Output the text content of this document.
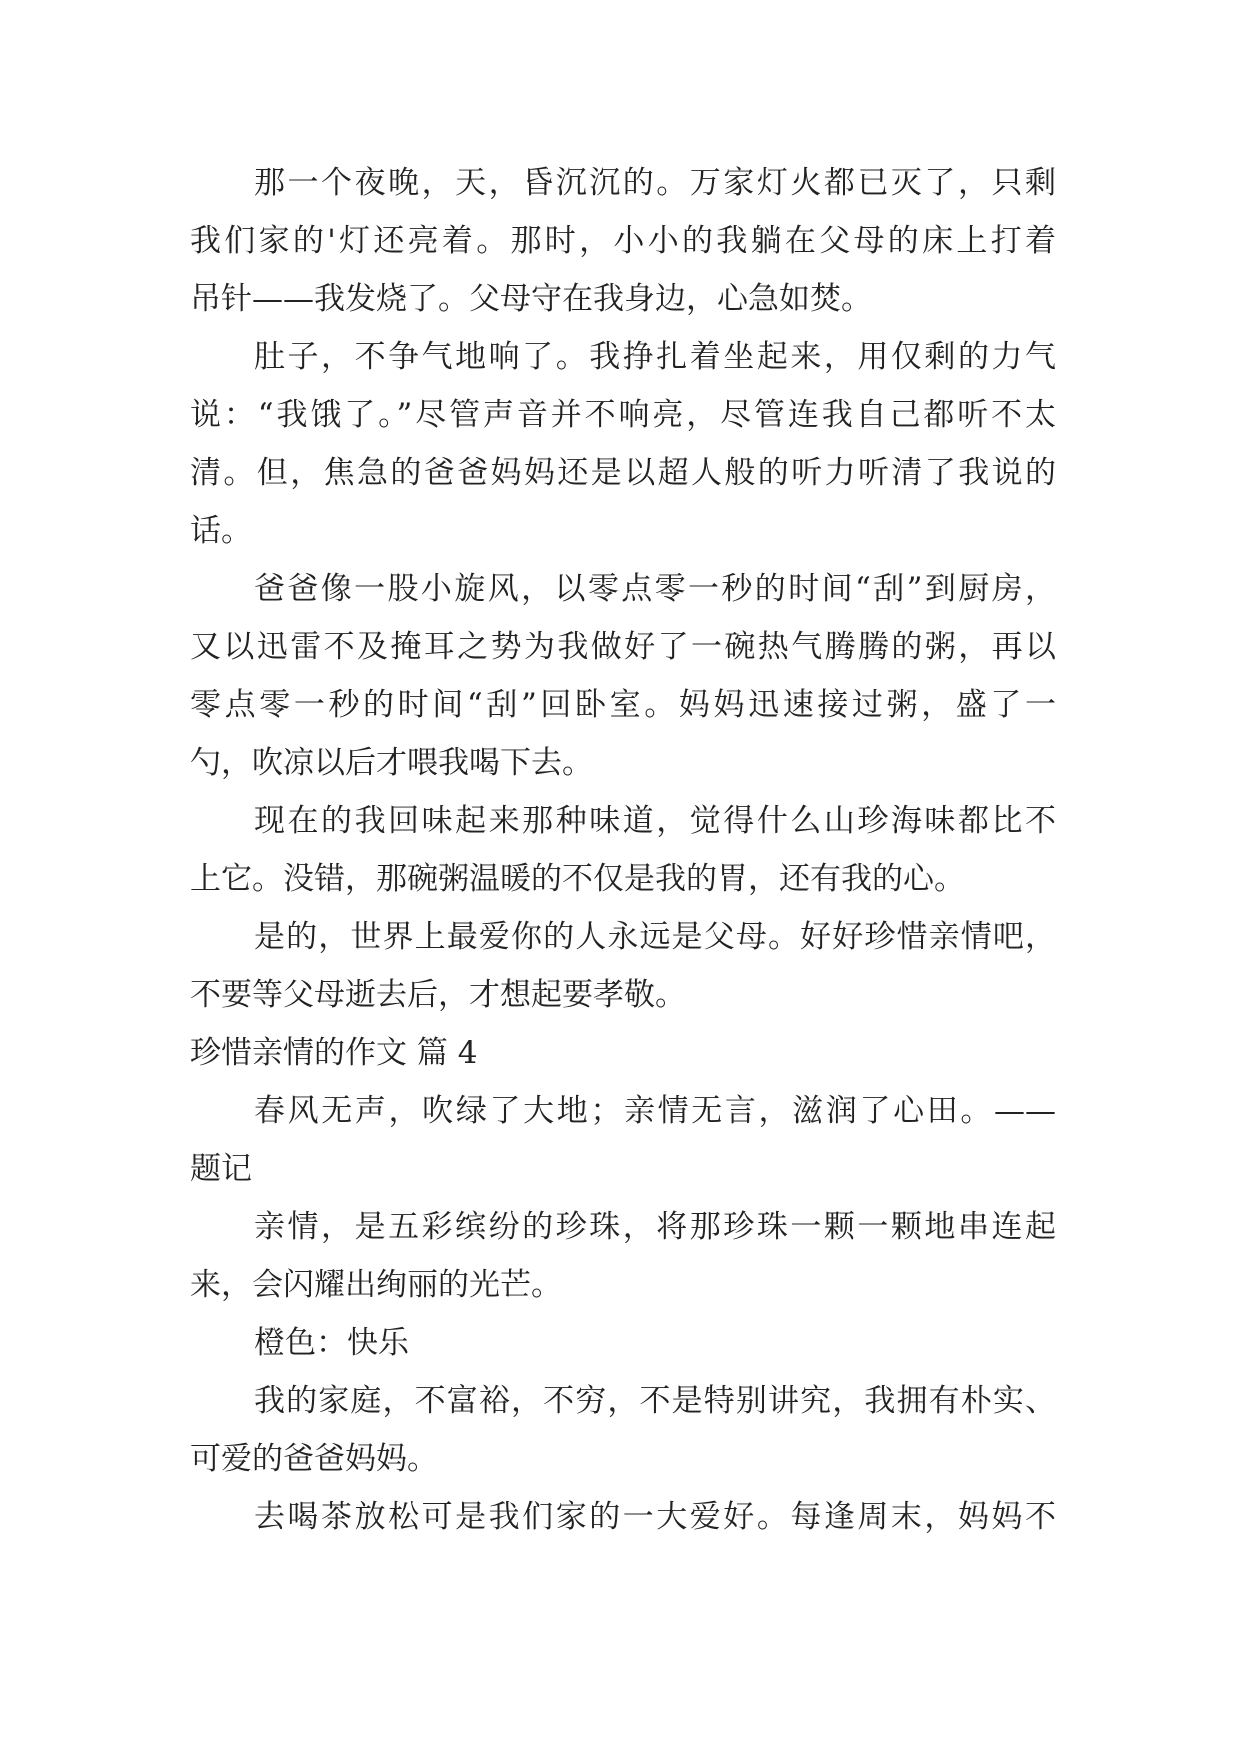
那一个夜晚，天，昏沉沉的。万家灯火都已灭了，只剩
我们家的'灯还亮着。那时，小小的我躺在父母的床上打着
吊针——我发烧了。父母守在我身边，心急如焚。
肚子，不争气地响了。我挣扎着坐起来，用仅剩的力气
说：“我饿了。”尽管声音并不响亮，尽管连我自己都听不太
清。但，焦急的爸爸妈妈还是以超人般的听力听清了我说的
话。
爸爸像一股小旋风，以零点零一秒的时间“刮”到厨房，
又以迅雷不及掩耳之势为我做好了一碗热气腾腾的粥，再以
零点零一秒的时间“刮”回卧室。妈妈迅速接过粥，盛了一
勺，吹凉以后才喂我喝下去。
现在的我回味起来那种味道，觉得什么山珍海味都比不
上它。没错，那碗粥温暖的不仅是我的胃，还有我的心。
是的，世界上最爱你的人永远是父母。好好珍惜亲情吧，
不要等父母逝去后，才想起要孝敬。
珍惜亲情的作文 篇 4
春风无声，吹绿了大地；亲情无言，滋润了心田。——
题记
亲情，是五彩缤纷的珍珠，将那珍珠一颗一颗地串连起
来，会闪耀出绚丽的光芒。
橙色：快乐
我的家庭，不富裕，不穷，不是特别讲究，我拥有朴实、
可爱的爸爸妈妈。
去喝茶放松可是我们家的一大爱好。每逢周末，妈妈不
